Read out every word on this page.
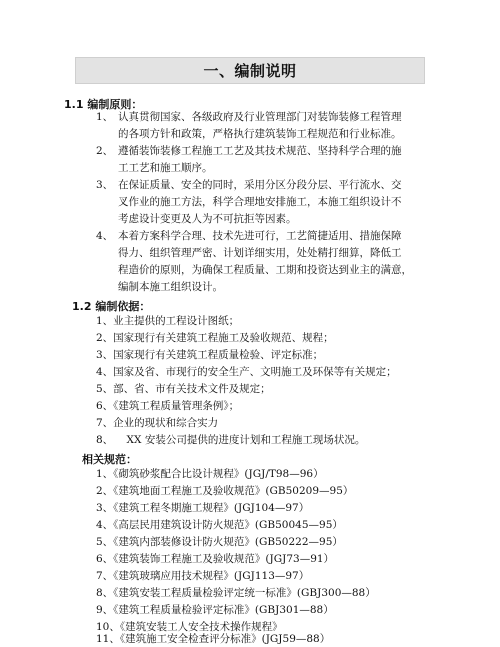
一、编制说明
1.1 编制原则：
1、 认真贯彻国家、各级政府及行业管理部门对装饰装修工程管理
的各项方针和政策，严格执行建筑装饰工程规范和行业标准。
2、 遵循装饰装修工程施工工艺及其技术规范、坚持科学合理的施
工工艺和施工顺序。
3、 在保证质量、安全的同时，采用分区分段分层、平行流水、交
叉作业的施工方法，科学合理地安排施工，本施工组织设计不
考虑设计变更及人为不可抗拒等因素。
4、 本着方案科学合理、技术先进可行，工艺简捷适用、措施保障
得力、组织管理严密、计划详细实用，处处精打细算，降低工
程造价的原则，为确保工程质量、工期和投资达到业主的满意，
编制本施工组织设计。
1.2 编制依据：
1、业主提供的工程设计图纸；
2、国家现行有关建筑工程施工及验收规范、规程；
3、国家现行有关建筑工程质量检验、评定标准；
4、国家及省、市现行的安全生产、文明施工及环保等有关规定；
5、部、省、市有关技术文件及规定；
6、《建筑工程质量管理条例》；
7、企业的现状和综合实力
8、    XX 安装公司提供的进度计划和工程施工现场状况。
相关规范：
1、《砌筑砂浆配合比设计规程》(JGJ/T98—96）
2、《建筑地面工程施工及验收规范》(GB50209—95）
3、《建筑工程冬期施工规程》(JGJ104—97）
4、《高层民用建筑设计防火规范》(GB50045—95）
5、《建筑内部装修设计防火规范》(GB50222—95）
6、《建筑装饰工程施工及验收规范》(JGJ73—91）
7、《建筑玻璃应用技术规程》(JGJ113—97）
8、《建筑安装工程质量检验评定统一标准》(GBJ300—88）
9、《建筑工程质量检验评定标准》(GBJ301—88）
10、《建筑安装工人安全技术操作规程》
11、《建筑施工安全检查评分标准》(JGJ59—88）
